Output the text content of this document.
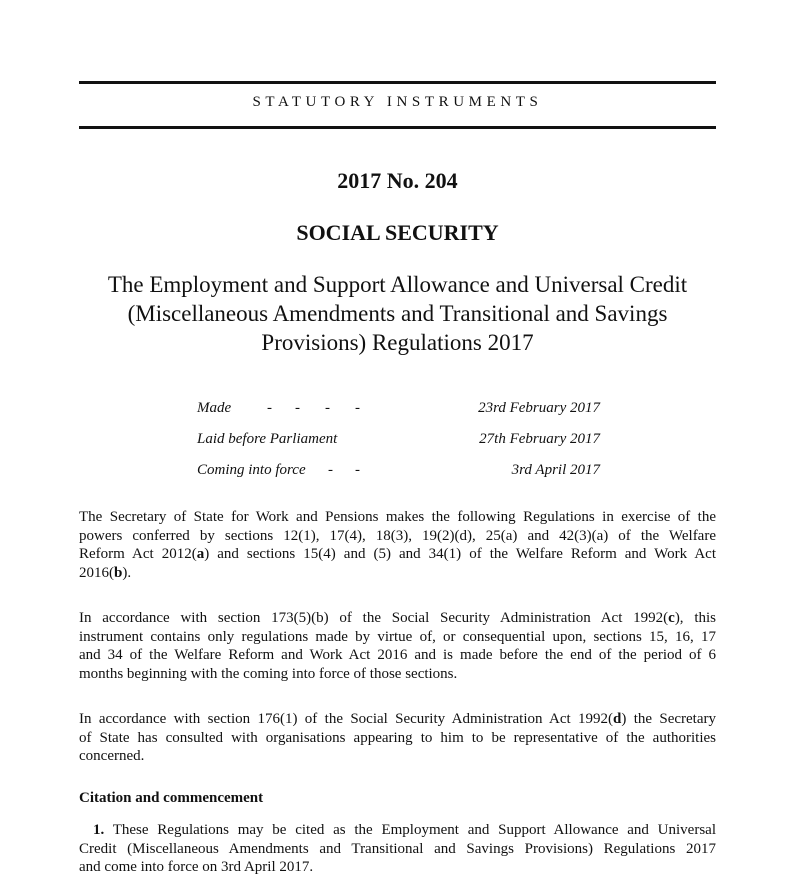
STATUTORY INSTRUMENTS
2017 No. 204
SOCIAL SECURITY
The Employment and Support Allowance and Universal Credit
(Miscellaneous Amendments and Transitional and Savings
Provisions) Regulations 2017
Made - - - -	23rd February 2017
Laid before Parliament	27th February 2017
Coming into force - -	3rd April 2017
The Secretary of State for Work and Pensions makes the following Regulations in exercise of the
powers conferred by sections 12(1), 17(4), 18(3), 19(2)(d), 25(a) and 42(3)(a) of the Welfare
Reform Act 2012(a) and sections 15(4) and (5) and 34(1) of the Welfare Reform and Work Act
2016(b).
In accordance with section 173(5)(b) of the Social Security Administration Act 1992(c), this
instrument contains only regulations made by virtue of, or consequential upon, sections 15, 16, 17
and 34 of the Welfare Reform and Work Act 2016 and is made before the end of the period of 6
months beginning with the coming into force of those sections.
In accordance with section 176(1) of the Social Security Administration Act 1992(d) the Secretary
of State has consulted with organisations appearing to him to be representative of the authorities
concerned.
Citation and commencement
1. These Regulations may be cited as the Employment and Support Allowance and Universal
Credit (Miscellaneous Amendments and Transitional and Savings Provisions) Regulations 2017
and come into force on 3rd April 2017.
